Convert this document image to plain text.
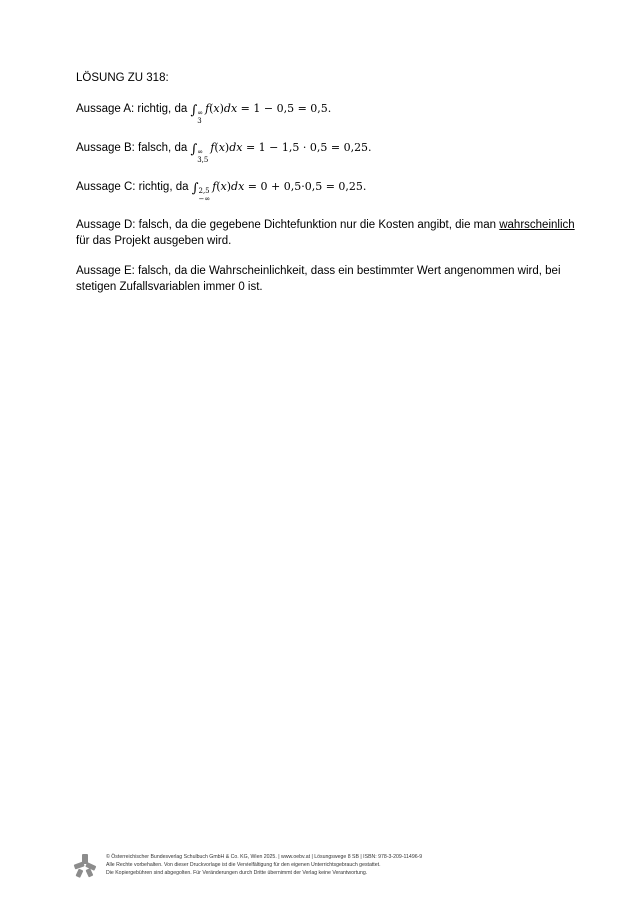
LÖSUNG ZU 318:
Aussage A: richtig, da ∫ ∞
3
𝑓(𝑥)𝑑𝑥 = 1 − 0,5 = 0,5.
Aussage B: falsch, da ∫ ∞
3,5
𝑓(𝑥)𝑑𝑥 = 1 − 1,5 · 0,5 = 0,25.
Aussage C: richtig, da ∫ 2,5
−∞
𝑓(𝑥)𝑑𝑥 = 0 + 0,5·0,5 = 0,25.
Aussage D: falsch, da die gegebene Dichtefunktion nur die Kosten angibt, die man wahrscheinlich für das Projekt ausgeben wird.
Aussage E: falsch, da die Wahrscheinlichkeit, dass ein bestimmter Wert angenommen wird, bei stetigen Zufallsvariablen immer 0 ist.
© Österreichischer Bundesverlag Schulbuch GmbH & Co. KG, Wien 2025. | www.oebv.at | Lösungswege 8 SB | ISBN: 978-3-209-11496-9
Alle Rechte vorbehalten. Von dieser Druckvorlage ist die Vervielfältigung für den eigenen Unterrichtsgebrauch gestattet.
Die Kopiergebühren sind abgegolten. Für Veränderungen durch Dritte übernimmt der Verlag keine Verantwortung.
